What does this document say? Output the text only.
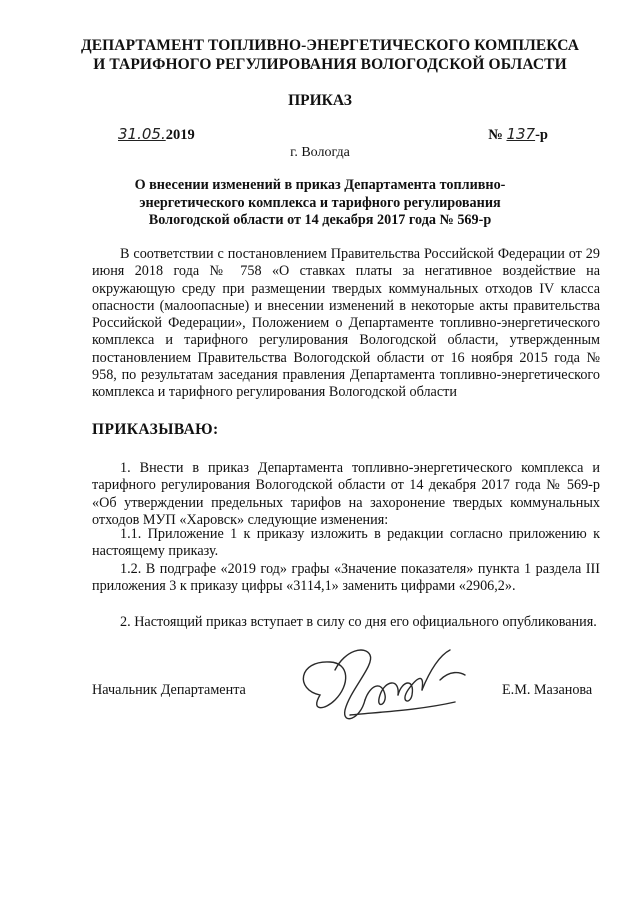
ДЕПАРТАМЕНТ ТОПЛИВНО-ЭНЕРГЕТИЧЕСКОГО КОМПЛЕКСА
И ТАРИФНОГО РЕГУЛИРОВАНИЯ ВОЛОГОДСКОЙ ОБЛАСТИ
ПРИКАЗ
31.05.2019	№ 137-р
г. Вологда
О внесении изменений в приказ Департамента топливно-энергетического комплекса и тарифного регулирования Вологодской области от 14 декабря 2017 года № 569-р
В соответствии с постановлением Правительства Российской Федерации от 29 июня 2018 года № 758 «О ставках платы за негативное воздействие на окружающую среду при размещении твердых коммунальных отходов IV класса опасности (малоопасные) и внесении изменений в некоторые акты правительства Российской Федерации», Положением о Департаменте топливно-энергетического комплекса и тарифного регулирования Вологодской области, утвержденным постановлением Правительства Вологодской области от 16 ноября 2015 года № 958, по результатам заседания правления Департамента топливно-энергетического комплекса и тарифного регулирования Вологодской области
ПРИКАЗЫВАЮ:
1. Внести в приказ Департамента топливно-энергетического комплекса и тарифного регулирования Вологодской области от 14 декабря 2017 года № 569-р «Об утверждении предельных тарифов на захоронение твердых коммунальных отходов МУП «Харовск» следующие изменения:
1.1. Приложение 1 к приказу изложить в редакции согласно приложению к настоящему приказу.
1.2. В подграфе «2019 год» графы «Значение показателя» пункта 1 раздела III приложения 3 к приказу цифры «3114,1» заменить цифрами «2906,2».
2. Настоящий приказ вступает в силу со дня его официального опубликования.
Начальник Департамента	Е.М. Мазанова
